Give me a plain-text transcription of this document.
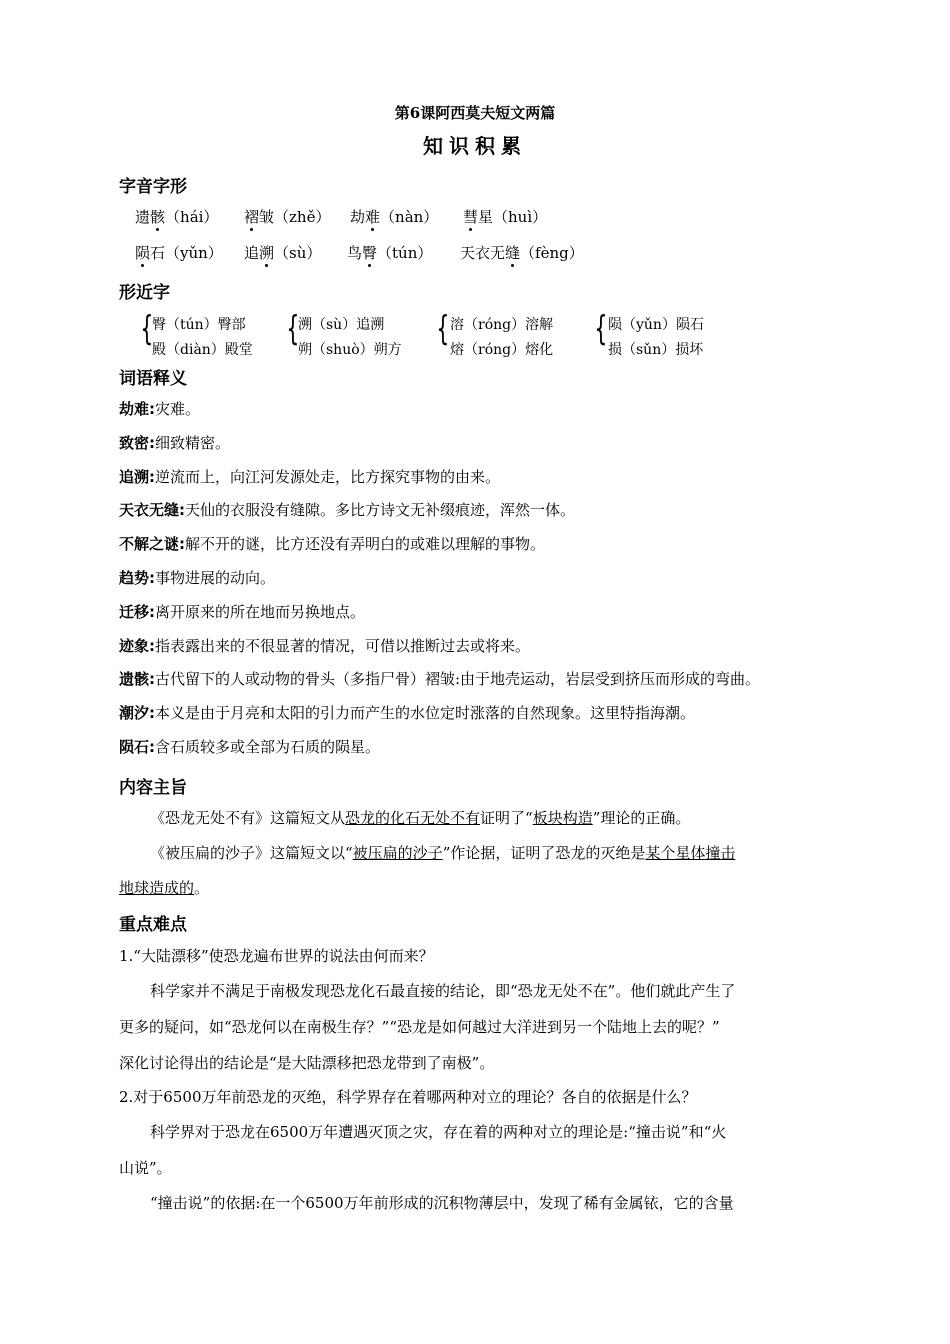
第6课阿西莫夫短文两篇
知识积累
字音字形
遗骸（hái） 褶皱（zhě） 劫难（nàn） 彗星（huì）
陨石（yǔn） 追溯（sù） 鸟臀（tún） 天衣无缝（fèng）
形近字
{	{	{	{
臀（tún）臀部	溯（sù）追溯	溶（róng）溶解	陨（yǔn）陨石
殿（diàn）殿堂	朔（shuò）朔方	熔（róng）熔化	损（sǔn）损坏
词语释义
劫难:灾难。
致密:细致精密。
追溯:逆流而上，向江河发源处走，比方探究事物的由来。
天衣无缝:天仙的衣服没有缝隙。多比方诗文无补缀痕迹，浑然一体。
不解之谜:解不开的谜，比方还没有弄明白的或难以理解的事物。
趋势:事物进展的动向。
迁移:离开原来的所在地而另换地点。
迹象:指表露出来的不很显著的情况，可借以推断过去或将来。
遗骸:古代留下的人或动物的骨头（多指尸骨）褶皱:由于地壳运动，岩层受到挤压而形成的弯曲。
潮汐:本义是由于月亮和太阳的引力而产生的水位定时涨落的自然现象。这里特指海潮。
陨石:含石质较多或全部为石质的陨星。
内容主旨
《恐龙无处不有》这篇短文从恐龙的化石无处不有证明了“板块构造”理论的正确。
《被压扁的沙子》这篇短文以“被压扁的沙子”作论据，证明了恐龙的灭绝是某个星体撞击
地球造成的。
重点难点
1.“大陆漂移”使恐龙遍布世界的说法由何而来？
科学家并不满足于南极发现恐龙化石最直接的结论，即“恐龙无处不在”。他们就此产生了
更多的疑问，如“恐龙何以在南极生存？”“恐龙是如何越过大洋进到另一个陆地上去的呢？”
深化讨论得出的结论是“是大陆漂移把恐龙带到了南极”。
2.对于6500万年前恐龙的灭绝，科学界存在着哪两种对立的理论？各自的依据是什么？
科学界对于恐龙在6500万年遭遇灭顶之灾，存在着的两种对立的理论是:“撞击说”和“火
山说”。
“撞击说”的依据:在一个6500万年前形成的沉积物薄层中，发现了稀有金属铱，它的含量
